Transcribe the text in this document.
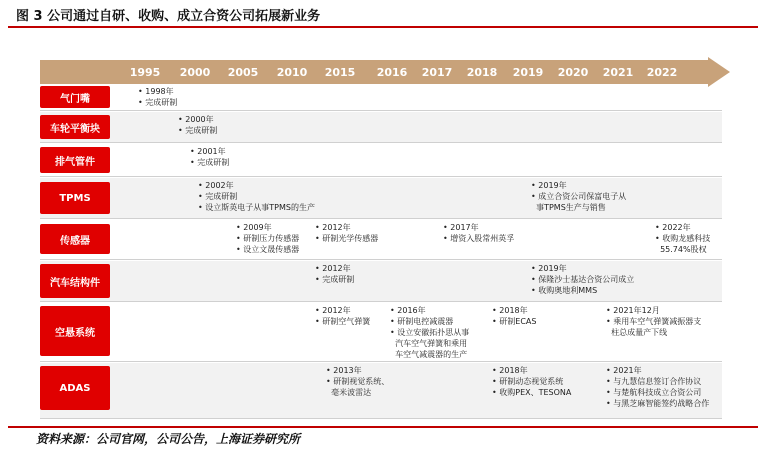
图 3 公司通过自研、收购、成立合资公司拓展新业务
气门嘴
• 1998年
• 完成研制
车轮平衡块
• 2000年
• 完成研制
排气管件
• 2001年
• 完成研制
TPMS
• 2002年
• 完成研制
• 设立斯英电子从事TPMS的生产
• 2019年
• 成立合资公司保富电子从
事TPMS生产与销售
传感器
• 2009年
• 研制压力传感器
• 设立文晟传感器
• 2012年
• 研制光学传感器
• 2017年
• 增资入股常州英孚
• 2022年
• 收购龙感科技
55.74%股权
汽车结构件
• 2012年
• 完成研制
• 2019年
• 保隆沙士基达合资公司成立
• 收购奥地利MMS
空悬系统
• 2012年
• 研制空气弹簧
• 2016年
• 研制电控减震器
• 设立安徽拓扑思从事
汽车空气弹簧和乘用
车空气减震器的生产
• 2018年
• 研制ECAS
• 2021年12月
• 乘用车空气弹簧减振器支
柱总成量产下线
ADAS
• 2013年
• 研制视觉系统、
毫米波雷达
• 2018年
• 研制动态视觉系统
• 收购PEX、TESONA
• 2021年
• 与九慧信息签订合作协议
• 与楚航科技成立合资公司
• 与黑芝麻智能签约战略合作
资料来源：公司官网，公司公告，上海证券研究所
1995 2000 2005 2010 2015 2016 2017 2018 2019 2020 2021 2022
